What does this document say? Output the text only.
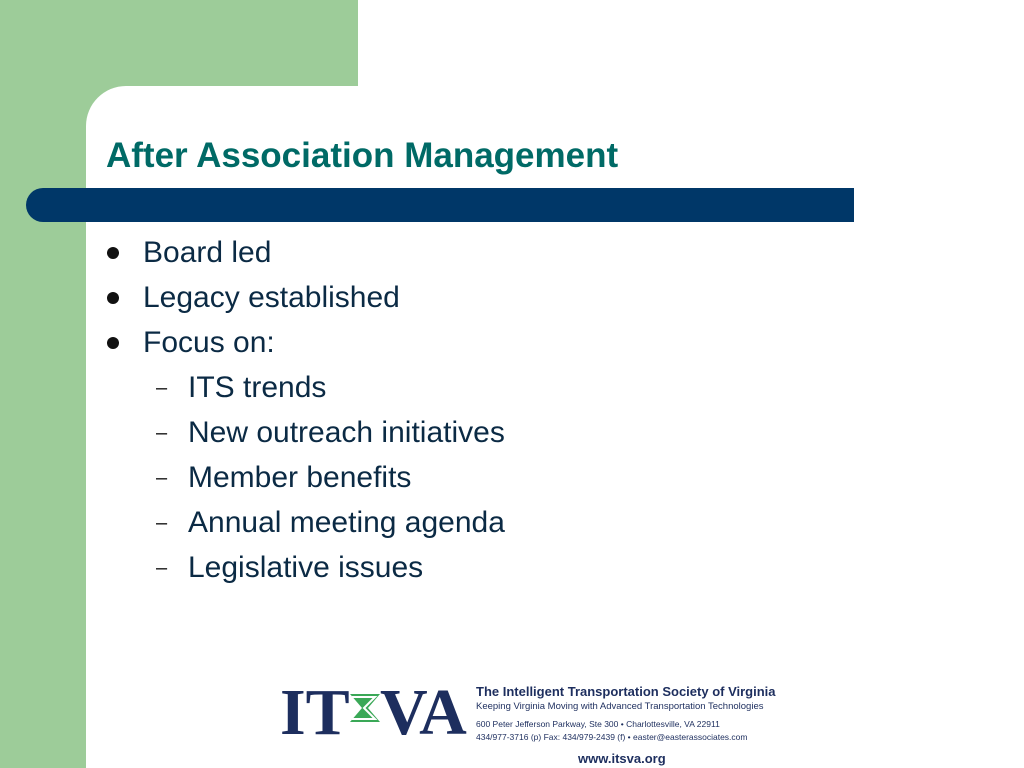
After Association Management
Board led
Legacy established
Focus on:
– ITS trends
– New outreach initiatives
– Member benefits
– Annual meeting agenda
– Legislative issues
IT VA The Intelligent Transportation Society of Virginia
Keeping Virginia Moving with Advanced Transportation Technologies
600 Peter Jefferson Parkway, Ste 300 • Charlottesville, VA 22911
434/977-3716 (p) Fax: 434/979-2439 (f) • easter@easterassociates.com
www.itsva.org
